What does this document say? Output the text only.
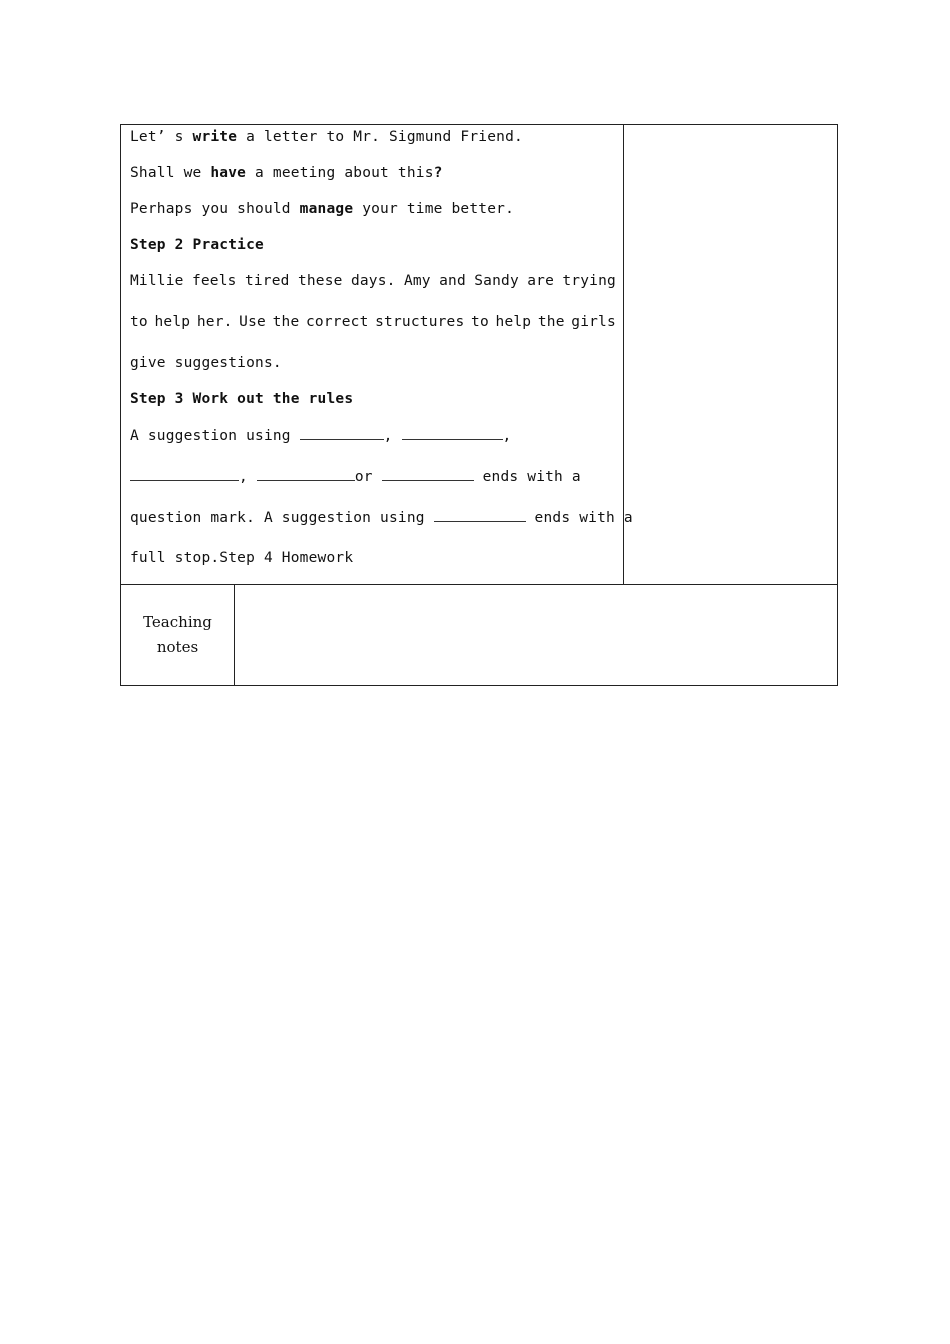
Let’ s write a letter to Mr. Sigmund Friend.
Shall we have a meeting about this?
Perhaps you should manage your time better.
Step 2 Practice
Millie feels tired these days. Amy and Sandy are trying
to help her. Use the correct structures to help the girls
give suggestions.
Step 3 Work out the rules
A suggestion using	,	,
,	or	ends with a
question mark. A suggestion using	ends with a
full stop.Step 4 Homework
Teaching
notes
